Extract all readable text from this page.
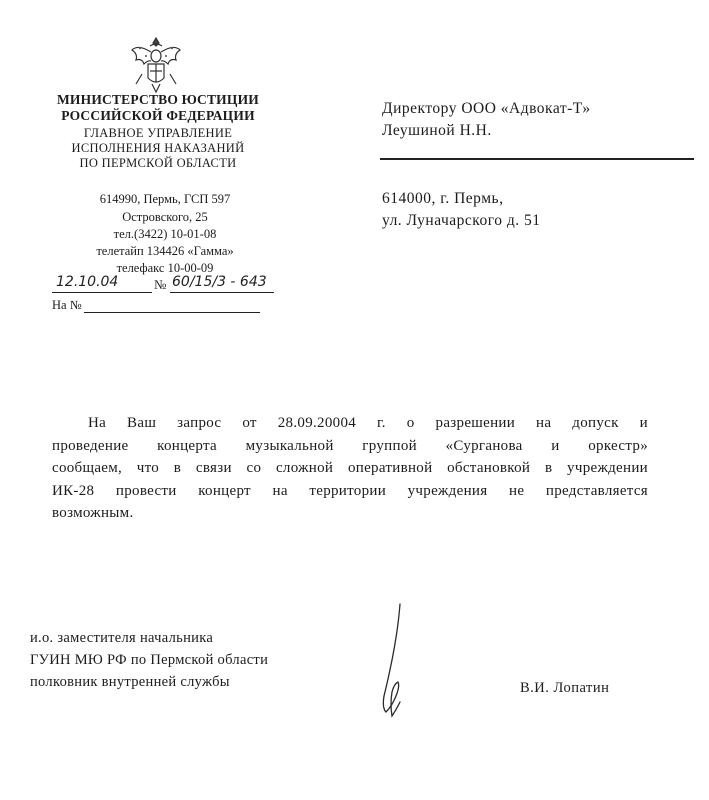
МИНИСТЕРСТВО ЮСТИЦИИ
РОССИЙСКОЙ ФЕДЕРАЦИИ
ГЛАВНОЕ УПРАВЛЕНИЕ
ИСПОЛНЕНИЯ НАКАЗАНИЙ
ПО ПЕРМСКОЙ ОБЛАСТИ
614990, Пермь, ГСП 597
Островского, 25
тел.(3422) 10-01-08
телетайп 134426 «Гамма»
телефакс 10-00-09
12.10.04	№ 60/15/3 - 643
На №
Директору ООО «Адвокат-Т»
Леушиной Н.Н.
614000, г. Пермь,
ул. Луначарского д. 51
На Ваш запрос от 28.09.20004 г. о разрешении на допуск и
проведение концерта музыкальной группой «Сурганова и оркестр»
сообщаем, что в связи со сложной оперативной обстановкой в учреждении
ИК-28 провести концерт на территории учреждения не представляется
возможным.
и.о. заместителя начальника
ГУИН МЮ РФ по Пермской области
полковник внутренней службы	В.И. Лопатин
